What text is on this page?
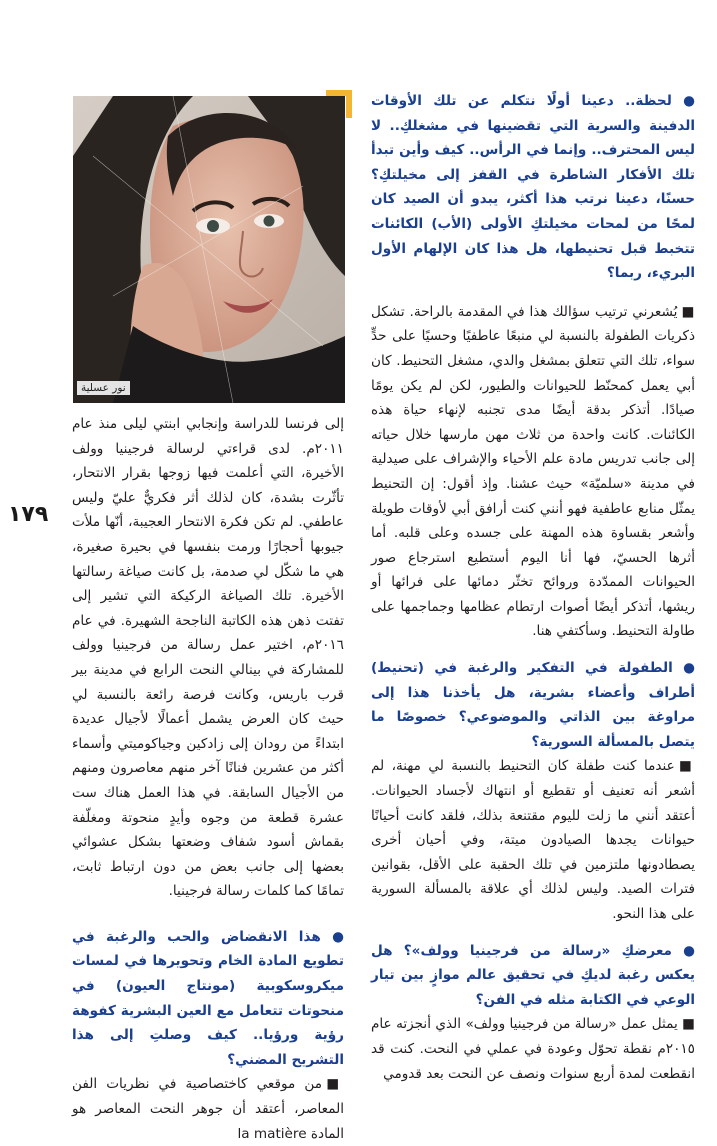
نور عسلية

● لحظة.. دعينا أولًا نتكلم عن تلك الأوقات الدفينة والسرية التي تقضينها في مشغلكِ.. لا ليس المحترف.. وإنما في الرأس.. كيف وأين تبدأ تلك الأفكار الشاطرة في القفز إلى مخيلتكِ؟ حسنًا، دعينا نرتب هذا أكثر، يبدو أن الصيد كان لمحًا من لمحات مخيلتكِ الأولى (الأب) الكائنات تتخبط قبل تحنيطها، هل هذا كان الإلهام الأول البريء، ربما؟

■ يُشعرني ترتيب سؤالك هذا في المقدمة بالراحة. تشكل ذكريات الطفولة بالنسبة لي منبعًا عاطفيًا وحسيًا على حدٍّ سواء، تلك التي تتعلق بمشغل والدي، مشغل التحنيط. كان أبي يعمل كمحنّط للحيوانات والطيور، لكن لم يكن يومًا صيادًا. أتذكر بدقة أيضًا مدى تجنبه لإنهاء حياة هذه الكائنات. كانت واحدة من ثلاث مهن مارسها خلال حياته إلى جانب تدريس مادة علم الأحياء والإشراف على صيدلية في مدينة «سلميّة» حيث عشنا. وإذ أقول: إن التحنيط يمثّل منابع عاطفية فهو أنني كنت أرافق أبي لأوقات طويلة وأشعر بقساوة هذه المهنة على جسده وعلى قلبه. أما أثرها الحسيّ، فها أنا اليوم أستطيع استرجاع صور الحيوانات الممدّدة وروائح تخثّر دمائها على فرائها أو ريشها، أتذكر أيضًا أصوات ارتطام عظامها وجماجمها على طاولة التحنيط. وسأكتفي هنا.

● الطفولة في التفكير والرغبة في (تحنيط) أطراف وأعضاء بشرية، هل يأخذنا هذا إلى مراوغة بين الذاتي والموضوعي؟ خصوصًا ما يتصل بالمسألة السورية؟

■ عندما كنت طفلة كان التحنيط بالنسبة لي مهنة، لم أشعر أنه تعنيف أو تقطيع أو انتهاك لأجساد الحيوانات. أعتقد أنني ما زلت لليوم مقتنعة بذلك، فلقد كانت أحيانًا حيوانات يجدها الصيادون ميتة، وفي أحيان أخرى يصطادونها ملتزمين في تلك الحقبة على الأقل، بقوانين فترات الصيد. وليس لذلك أي علاقة بالمسألة السورية على هذا النحو.

● معرضكِ «رسالة من فرجينيا وولف»؟ هل يعكس رغبة لديكِ في تحقيق عالم موازٍ بين تيار الوعي في الكتابة مثله في الفن؟

■ يمثل عمل «رسالة من فرجينيا وولف» الذي أنجزته عام ٢٠١٥م نقطة تحوّل وعودة في عملي في النحت. كنت قد انقطعت لمدة أربع سنوات ونصف عن النحت بعد قدومي

إلى فرنسا للدراسة وإنجابي ابنتي ليلى منذ عام ٢٠١١م. لدى قراءتي لرسالة فرجينيا وولف الأخيرة، التي أعلمت فيها زوجها بقرار الانتحار، تأثّرت بشدة، كان لذلك أثر فكريٌّ عليّ وليس عاطفي. لم تكن فكرة الانتحار العجيبة، أنّها ملأت جيوبها أحجارًا ورمت بنفسها في بحيرة صغيرة، هي ما شكّل لي صدمة، بل كانت صياغة رسالتها الأخيرة. تلك الصياغة الركيكة التي تشير إلى تفتت ذهن هذه الكاتبة الناجحة الشهيرة. في عام ٢٠١٦م، اختير عمل رسالة من فرجينيا وولف للمشاركة في بينالي النحت الرابع في مدينة بير قرب باريس، وكانت فرصة رائعة بالنسبة لي حيث كان العرض يشمل أعمالًا لأجيال عديدة ابتداءً من رودان إلى زادكين وجياكوميتي وأسماء أكثر من عشرين فنانًا آخر منهم معاصرون ومنهم من الأجيال السابقة. في هذا العمل هناك ست عشرة قطعة من وجوه وأيدٍ منحوتة ومغلّفة بقماش أسود شفاف وضعتها بشكل عشوائي بعضها إلى جانب بعض من دون ارتباط ثابت، تمامًا كما كلمات رسالة فرجينيا.

● هذا الانقضاض والحب والرغبة في تطويع المادة الخام وتحويرها في لمسات ميكروسكوبية (مونتاج العيون) في منحوتات تتعامل مع العين البشرية كفوهة رؤية ورؤيا.. كيف وصلتِ إلى هذا التشريح المضني؟

■ من موقعي كاختصاصية في نظريات الفن المعاصر، أعتقد أن جوهر النحت المعاصر هو المادة la matière

١٧٩
